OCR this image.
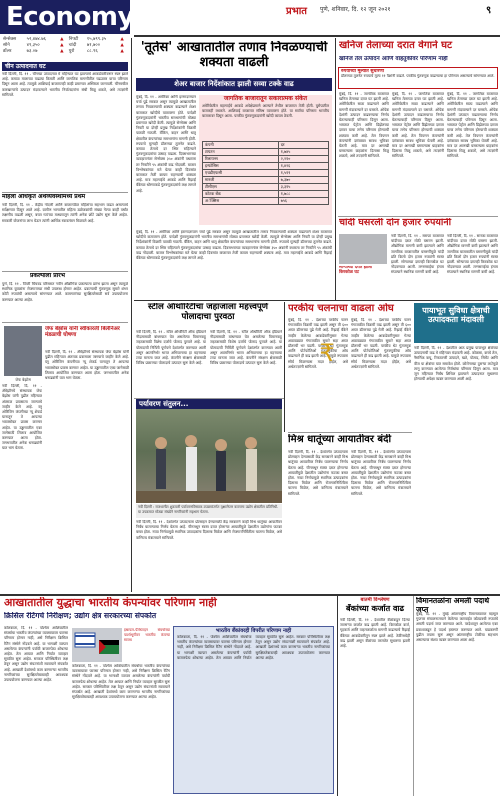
Economy	प्रभात पुणे, शनिवार, दि. १२ जून २०२१	९
सेन्सेक्स	५२,४७४.७६	▲	निफ्टी	१५,७९९.३५	▲
सोने	४९,३५०	▲	चांदी	७१,७००	▲
डॉलर	७३.०७	▲	युरो	८८.९६	▲
चीन उत्पादनात घट
नवी दिल्ली, दि. ११ - चीनच्या उत्पादनात मे महिन्यात घट झाल्याचे आकडेवारीवरून स्पष्ट झाले आहे. कच्च्या मालाच्या वाढत्या किमती आणि जागतिक मागणीतील चढउतार याचा परिणाम दिसून आला आहे. त्यामुळे आशियाई बाजारातही काही प्रमाणात अस्थिरता जाणवली. चीनमधील कारखान्यांचे उत्पादन मंदावल्याने भारतीय निर्यातदारांना संधी मिळू शकते, असे तज्ज्ञांनी सांगितले.
महिला अधिकृत अर्थव्यवस्थामध्ये प्रथम
नवी दिल्ली, दि. ११ - केंद्रीय नोंदणी आणि बाजारपेठेत महिलांचा सहभाग वाढत असल्याचे सर्वेक्षणात दिसून आले आहे. ग्रामीण भागातील महिला उद्योजकांची संख्या गेल्या काही वर्षांत लक्षणीय वाढली असून, बचत गटांच्या माध्यमातून त्यांनी अनेक छोटे उद्योग सुरू केले आहेत. सरकारी योजनांचा लाभ घेऊन त्यांनी आर्थिक स्वावलंबन मिळवले आहे.
प्रकल्पाला प्रारंभ
पुणे, दि. ११ - पिंपरी चिंचवड परिसरात नवीन औद्योगिक प्रकल्पाला प्रारंभ झाला असून त्यामुळे स्थानिक युवकांना रोजगाराच्या संधी उपलब्ध होणार आहेत. प्रकल्पाची गुंतवणूक सुमारे शंभर कोटी रुपयांची असल्याचे सांगण्यात आले. कामगारांच्या सुरक्षिततेसाठी सर्व उपाययोजना करण्यात आल्या आहेत.
जेफ बेझोस यांनी स्वीकारली बिलेनिअर मंडळाची घोषणा
जेफ बेझोस
नवी दिल्ली, दि. ११ - ॲमेझॉनचे संस्थापक जेफ बेझोस यांनी पुढील महिन्यात अंतराळ प्रवासाला जाण्याचे जाहीर केले आहे. ब्लू ओरिजिन कंपनीच्या न्यू शेफर्ड यानातून ते आपल्या भावासोबत प्रवास करणार आहेत. या उड्डाणातील एका जागेसाठी लिलाव आयोजित करण्यात आला होता. जगभरातील अनेक धनाढ्यांनी यात भाग घेतला.
नवी दिल्ली, दि. ११ - ॲमेझॉनचे संस्थापक जेफ बेझोस यांनी पुढील महिन्यात अंतराळ प्रवासाला जाण्याचे जाहीर केले आहे. ब्लू ओरिजिन कंपनीच्या न्यू शेफर्ड यानातून ते आपल्या भावासोबत प्रवास करणार आहेत. या उड्डाणातील एका जागेसाठी लिलाव आयोजित करण्यात आला होता. जगभरातील अनेक धनाढ्यांनी यात भाग घेतला.
'तूर्तस' आखातातील तणाव निवळण्याची शक्यता वाढली
शेअर बाजार निर्देशांकात झाली सव्वा टक्के वाढ
मुंबई, दि. ११ - अमेरिका आणि इराणदरम्यान चर्चा पुढे सरकत असून त्यामुळे आखातातील तणाव निवळण्याची शक्यता वाढल्याने शेअर बाजारात खरेदीचे वातावरण होते. परदेशी गुंतवणूकदारांनी भारतीय समभागांची मोठ्या प्रमाणात खरेदी केली. त्यामुळे सेन्सेक्स आणि निफ्टी या दोन्ही प्रमुख निर्देशांकांनी विक्रमी पातळी गाठली. बँकिंग, वाहन आणि धातू क्षेत्रातील कंपन्यांच्या समभागांना मागणी होती. रुपयाचे मूल्यही डॉलरच्या तुलनेत वाढले. कच्च्या तेलाचे दर स्थिर राहिल्याने गुंतवणूकदारांचा उत्साह वाढला. दिवसभराच्या व्यवहारानंतर सेन्सेक्स ३५० अंकांनी वधारला तर निफ्टीने ९५ अंकांची वाढ नोंदवली. बाजार विश्लेषकांच्या मते येत्या काही दिवसांत बाजारात तेजी कायम राहण्याची शक्यता आहे. मात्र महागाईचे आकडे आणि रिझर्व्ह बँकेच्या धोरणाकडे गुंतवणूकदारांचे लक्ष लागले आहे.
मुंबई, दि. ११ - अमेरिका आणि इराणदरम्यान चर्चा पुढे सरकत असून त्यामुळे आखातातील तणाव निवळण्याची शक्यता वाढल्याने शेअर बाजारात खरेदीचे वातावरण होते. परदेशी गुंतवणूकदारांनी भारतीय समभागांची मोठ्या प्रमाणात खरेदी केली. त्यामुळे सेन्सेक्स आणि निफ्टी या दोन्ही प्रमुख निर्देशांकांनी विक्रमी पातळी गाठली. बँकिंग, वाहन आणि धातू क्षेत्रातील कंपन्यांच्या समभागांना मागणी होती. रुपयाचे मूल्यही डॉलरच्या तुलनेत वाढले. कच्च्या तेलाचे दर स्थिर राहिल्याने गुंतवणूकदारांचा उत्साह वाढला. दिवसभराच्या व्यवहारानंतर सेन्सेक्स ३५० अंकांनी वधारला तर निफ्टीने ९५ अंकांची वाढ नोंदवली. बाजार विश्लेषकांच्या मते येत्या काही दिवसांत बाजारात तेजी कायम राहण्याची शक्यता आहे. मात्र महागाईचे आकडे आणि रिझर्व्ह बँकेच्या धोरणाकडे गुंतवणूकदारांचे लक्ष लागले आहे.
जागतिक बाजारातून सकारात्मक संकेत
अमेरिकेतील महागाईचे आकडे अपेक्षेप्रमाणे आल्याने तेथील बाजारात तेजी होती. युरोपातील बाजारही वधारले. आशियाई बाजारात संमिश्र वातावरण होते. या सर्वांचा परिणाम भारतीय बाजारावर दिसून आला. परकीय गुंतवणूकदारांनी खरेदी कायम ठेवली.
कंपनी	दर
टायटन	१,७४५
रिलायन्स	२,२१०
इन्फोसिस	१,४२६
एचडीएफसी	१,५१९
मारुती	७,३७०
टीसीएस	३,३१५
कोटक बँक	१,७८८
अॅक्सिस	७५६
खनिज तेलाच्या दरात वेगाने घट
खनिज तेल उत्पादन आणि वाहतुकीवर परिणाम नाही
रुपयाच्या मूल्यात सुधारणा
डॉलरच्या तुलनेत रुपयाचे मूल्य ११ पैशांनी वाढले. परकीय गुंतवणूक वाढल्याचा हा परिणाम असल्याचे सांगण्यात आले.
मुंबई, दि. ११ - जागतिक बाजारात खनिज तेलाच्या दरात घट झाली आहे. अमेरिकेतील साठा वाढल्याने आणि मागणी मंदावल्याने दर घसरले. ओपेक देशांनी उत्पादन वाढवण्याचा निर्णय घेतल्याचाही परिणाम दिसून आला. भारतात पेट्रोल आणि डिझेलच्या दरावर याचा लगेच परिणाम होण्याची शक्यता कमी आहे. तेल विपणन कंपन्यांनी दरांबाबत सावध भूमिका घेतली आहे. मात्र दर आणखी घसरल्यास ग्राहकांना दिलासा मिळू शकतो, असे तज्ज्ञांनी सांगितले.
मुंबई, दि. ११ - जागतिक बाजारात खनिज तेलाच्या दरात घट झाली आहे. अमेरिकेतील साठा वाढल्याने आणि मागणी मंदावल्याने दर घसरले. ओपेक देशांनी उत्पादन वाढवण्याचा निर्णय घेतल्याचाही परिणाम दिसून आला. भारतात पेट्रोल आणि डिझेलच्या दरावर याचा लगेच परिणाम होण्याची शक्यता कमी आहे. तेल विपणन कंपन्यांनी दरांबाबत सावध भूमिका घेतली आहे. मात्र दर आणखी घसरल्यास ग्राहकांना दिलासा मिळू शकतो, असे तज्ज्ञांनी सांगितले.
मुंबई, दि. ११ - जागतिक बाजारात खनिज तेलाच्या दरात घट झाली आहे. अमेरिकेतील साठा वाढल्याने आणि मागणी मंदावल्याने दर घसरले. ओपेक देशांनी उत्पादन वाढवण्याचा निर्णय घेतल्याचाही परिणाम दिसून आला. भारतात पेट्रोल आणि डिझेलच्या दरावर याचा लगेच परिणाम होण्याची शक्यता कमी आहे. तेल विपणन कंपन्यांनी दरांबाबत सावध भूमिका घेतली आहे. मात्र दर आणखी घसरल्यास ग्राहकांना दिलासा मिळू शकतो, असे तज्ज्ञांनी सांगितले.
चांदी घसरली दोन हजार रुपयांनी
सोन्याच्या दरात झाली किरकोळ घट
नवी दिल्ली, दि. ११ - सराफा बाजारात चांदीच्या दरात मोठी घसरण झाली. औद्योगिक मागणी कमी झाल्याने आणि जागतिक बाजारातील घसरणीमुळे चांदी प्रति किलो दोन हजार रुपयांनी स्वस्त झाली. सोन्याच्या दरातही किरकोळ घट नोंदवण्यात आली. लग्नसराईचा हंगाम संपल्याने स्थानिक मागणी कमी आहे.
नवी दिल्ली, दि. ११ - सराफा बाजारात चांदीच्या दरात मोठी घसरण झाली. औद्योगिक मागणी कमी झाल्याने आणि जागतिक बाजारातील घसरणीमुळे चांदी प्रति किलो दोन हजार रुपयांनी स्वस्त झाली. सोन्याच्या दरातही किरकोळ घट नोंदवण्यात आली. लग्नसराईचा हंगाम संपल्याने स्थानिक मागणी कमी आहे.
स्टील ऑथॉरिटीचा जहाजाला महत्त्वपूर्ण पोलादाचा पुरवठा
नवी दिल्ली, दि. ११ - स्टील ऑथॉरिटी ऑफ इंडियाने नौदलासाठी बांधण्यात येत असलेल्या विमानवाहू जहाजासाठी विशेष दर्जाचे पोलाद पुरवले आहे. या पोलादाची निर्मिती पूर्णपणे देशांतर्गत करण्यात आली असून आत्मनिर्भर भारत अभियानाचा हा महत्त्वाचा टप्पा मानला जात आहे. कंपनीने संरक्षण क्षेत्रासाठी विविध प्रकारच्या पोलादाचे उत्पादन सुरू केले आहे.
नवी दिल्ली, दि. ११ - स्टील ऑथॉरिटी ऑफ इंडियाने नौदलासाठी बांधण्यात येत असलेल्या विमानवाहू जहाजासाठी विशेष दर्जाचे पोलाद पुरवले आहे. या पोलादाची निर्मिती पूर्णपणे देशांतर्गत करण्यात आली असून आत्मनिर्भर भारत अभियानाचा हा महत्त्वाचा टप्पा मानला जात आहे. कंपनीने संरक्षण क्षेत्रासाठी विविध प्रकारच्या पोलादाचे उत्पादन सुरू केले आहे.
परकीय चलनाचा वाढला ओघ
मुंबई, दि. ११ - देशाच्या परकीय चलन गंगाजळीत विक्रमी वाढ झाली असून ती ६०० अब्ज डॉलरच्या पुढे गेली आहे. रिझर्व्ह बँकेने जाहीर केलेल्या आकडेवारीनुसार गेल्या आठवड्यात गंगाजळीत सुमारे सहा अब्ज डॉलरची भर पडली. परकीय थेट गुंतवणूक आणि पोर्टफोलिओ गुंतवणुकीचा ओघ वाढल्याने ही वाढ झाली आहे. यामुळे रुपयाला स्थैर्य मिळण्यास मदत होईल, असे अर्थतज्ज्ञांनी सांगितले. ₹
मुंबई, दि. ११ - देशाच्या परकीय चलन गंगाजळीत विक्रमी वाढ झाली असून ती ६०० अब्ज डॉलरच्या पुढे गेली आहे. रिझर्व्ह बँकेने जाहीर केलेल्या आकडेवारीनुसार गेल्या आठवड्यात गंगाजळीत सुमारे सहा अब्ज डॉलरची भर पडली. परकीय थेट गुंतवणूक आणि पोर्टफोलिओ गुंतवणुकीचा ओघ वाढल्याने ही वाढ झाली आहे. यामुळे रुपयाला स्थैर्य मिळण्यास मदत होईल, असे अर्थतज्ज्ञांनी सांगितले.
पायाभूत सुविधा क्षेत्राची उत्पादकता मंदावली
नवी दिल्ली, दि. ११ - देशातील आठ प्रमुख पायाभूत क्षेत्रांच्या उत्पादनाची वाढ मे महिन्यात मंदावली आहे. कोळसा, कच्चे तेल, नैसर्गिक वायू, रिफायनरी उत्पादने, खते, पोलाद, सिमेंट आणि वीज या क्षेत्रांचा यात समावेश होतो. कोरोनाच्या दुसऱ्या लाटेमुळे लागू करण्यात आलेल्या निर्बंधांचा परिणाम दिसून आला. मात्र जून महिन्यात निर्बंध शिथिल झाल्याने उत्पादनात सुधारणा होण्याची अपेक्षा व्यक्त करण्यात आली आहे.
पर्यावरण संतुलन...
नवी दिल्ली : राजधानीत शुक्रवारी पर्यावरणविषयक उपक्रमांतर्गत वृक्षारोपण करताना उद्योग क्षेत्रातील प्रतिनिधी. या उपक्रमात मोठ्या संख्येने नागरिकांनी सहभाग घेतला.
मिश्र धातूंच्या आयातीवर बंदी
नवी दिल्ली, दि. ११ - देशांतर्गत उत्पादनाला प्रोत्साहन देण्यासाठी केंद्र सरकारने काही मिश्र धातूंच्या आयातीवर निर्बंध घालण्याचा निर्णय घेतला आहे. चीनमधून स्वस्त दरात होणाऱ्या आयातीमुळे देशातील उद्योगांना फटका बसत होता. नव्या निर्णयामुळे स्थानिक उत्पादकांना दिलासा मिळेल आणि रोजगारनिर्मितीला चालना मिळेल, असे वाणिज्य मंत्रालयाने सांगितले.
नवी दिल्ली, दि. ११ - देशांतर्गत उत्पादनाला प्रोत्साहन देण्यासाठी केंद्र सरकारने काही मिश्र धातूंच्या आयातीवर निर्बंध घालण्याचा निर्णय घेतला आहे. चीनमधून स्वस्त दरात होणाऱ्या आयातीमुळे देशातील उद्योगांना फटका बसत होता. नव्या निर्णयामुळे स्थानिक उत्पादकांना दिलासा मिळेल आणि रोजगारनिर्मितीला चालना मिळेल, असे वाणिज्य मंत्रालयाने सांगितले.
नवी दिल्ली, दि. ११ - देशांतर्गत उत्पादनाला प्रोत्साहन देण्यासाठी केंद्र सरकारने काही मिश्र धातूंच्या आयातीवर निर्बंध घालण्याचा निर्णय घेतला आहे. चीनमधून स्वस्त दरात होणाऱ्या आयातीमुळे देशातील उद्योगांना फटका बसत होता. नव्या निर्णयामुळे स्थानिक उत्पादकांना दिलासा मिळेल आणि रोजगारनिर्मितीला चालना मिळेल, असे वाणिज्य मंत्रालयाने सांगितले.
आखातातील युद्धाचा भारतीय कंपन्यांवर परिणाम नाही
क्रिसिल रेटिंगचे निरीक्षण; उद्योग क्षेत्र सरकारच्या संपर्कात
कोलकाता, दि. ११ - पश्चिम आशियातील संघर्षाचा भारतीय कंपन्यांच्या व्यवसायावर फारसा परिणाम होणार नाही, असे निरीक्षण क्रिसिल रेटिंग संस्थेने नोंदवले आहे. या भागाशी व्यापार असलेल्या कंपन्यांनी पर्यायी बाजारपेठा शोधल्या आहेत. तेल आयात आणि निर्यात व्यवहार सुरळीत सुरू आहेत. सरकार परिस्थितीवर लक्ष ठेवून असून उद्योग संघटनांशी सातत्याने संपर्कात आहे. आखाती देशांमध्ये काम करणाऱ्या भारतीय नागरिकांच्या सुरक्षिततेबाबतही आवश्यक उपाययोजना करण्यात आल्या आहेत.
इस्रायल-पॅलेस्टाइन संघर्षाच्या पार्श्वभूमीवर भारतीय कंपन्या सावध
कोलकाता, दि. ११ - पश्चिम आशियातील संघर्षाचा भारतीय कंपन्यांच्या व्यवसायावर फारसा परिणाम होणार नाही, असे निरीक्षण क्रिसिल रेटिंग संस्थेने नोंदवले आहे. या भागाशी व्यापार असलेल्या कंपन्यांनी पर्यायी बाजारपेठा शोधल्या आहेत. तेल आयात आणि निर्यात व्यवहार सुरळीत सुरू आहेत. सरकार परिस्थितीवर लक्ष ठेवून असून उद्योग संघटनांशी सातत्याने संपर्कात आहे. आखाती देशांमध्ये काम करणाऱ्या भारतीय नागरिकांच्या सुरक्षिततेबाबतही आवश्यक उपाययोजना करण्यात आल्या आहेत.
भारतीय बँकांवरही विपरीत परिणाम नाही
कोलकाता, दि. ११ - पश्चिम आशियातील संघर्षाचा भारतीय कंपन्यांच्या व्यवसायावर फारसा परिणाम होणार नाही, असे निरीक्षण क्रिसिल रेटिंग संस्थेने नोंदवले आहे. या भागाशी व्यापार असलेल्या कंपन्यांनी पर्यायी बाजारपेठा शोधल्या आहेत. तेल आयात आणि निर्यात व्यवहार सुरळीत सुरू आहेत. सरकार परिस्थितीवर लक्ष ठेवून असून उद्योग संघटनांशी सातत्याने संपर्कात आहे. आखाती देशांमध्ये काम करणाऱ्या भारतीय नागरिकांच्या सुरक्षिततेबाबतही आवश्यक उपाययोजना करण्यात आल्या आहेत.
बातमी विश्लेषण
बँकांच्या कर्जात वाढ
नवी दिल्ली, दि. ११ - देशातील बँकांकडून दिल्या जाणाऱ्या कर्जात वाढ झाली आहे. किरकोळ कर्ज, गृहकर्ज आणि वाहनकर्जाला मागणी वाढल्याचे रिझर्व्ह बँकेच्या आकडेवारीतून स्पष्ट झाले आहे. ठेवींमध्येही वाढ झाली असून बँकांच्या तरलतेत सुधारणा झाली आहे.
विमानतळांना अमली पदार्थ जप्त
मुंबई, दि. ११ - मुंबई आंतरराष्ट्रीय विमानतळावर महसूल गुप्तचर संचालनालयाने केलेल्या कारवाईत कोट्यवधी रुपयांचे अमली पदार्थ जप्त करण्यात आले. परदेशातून आलेल्या एका प्रवाशाकडून हे पदार्थ हस्तगत करण्यात आले. याप्रकरणी पुढील तपास सुरू असून आंतरराष्ट्रीय टोळीचा सहभाग असल्याचा संशय व्यक्त करण्यात आला आहे.
